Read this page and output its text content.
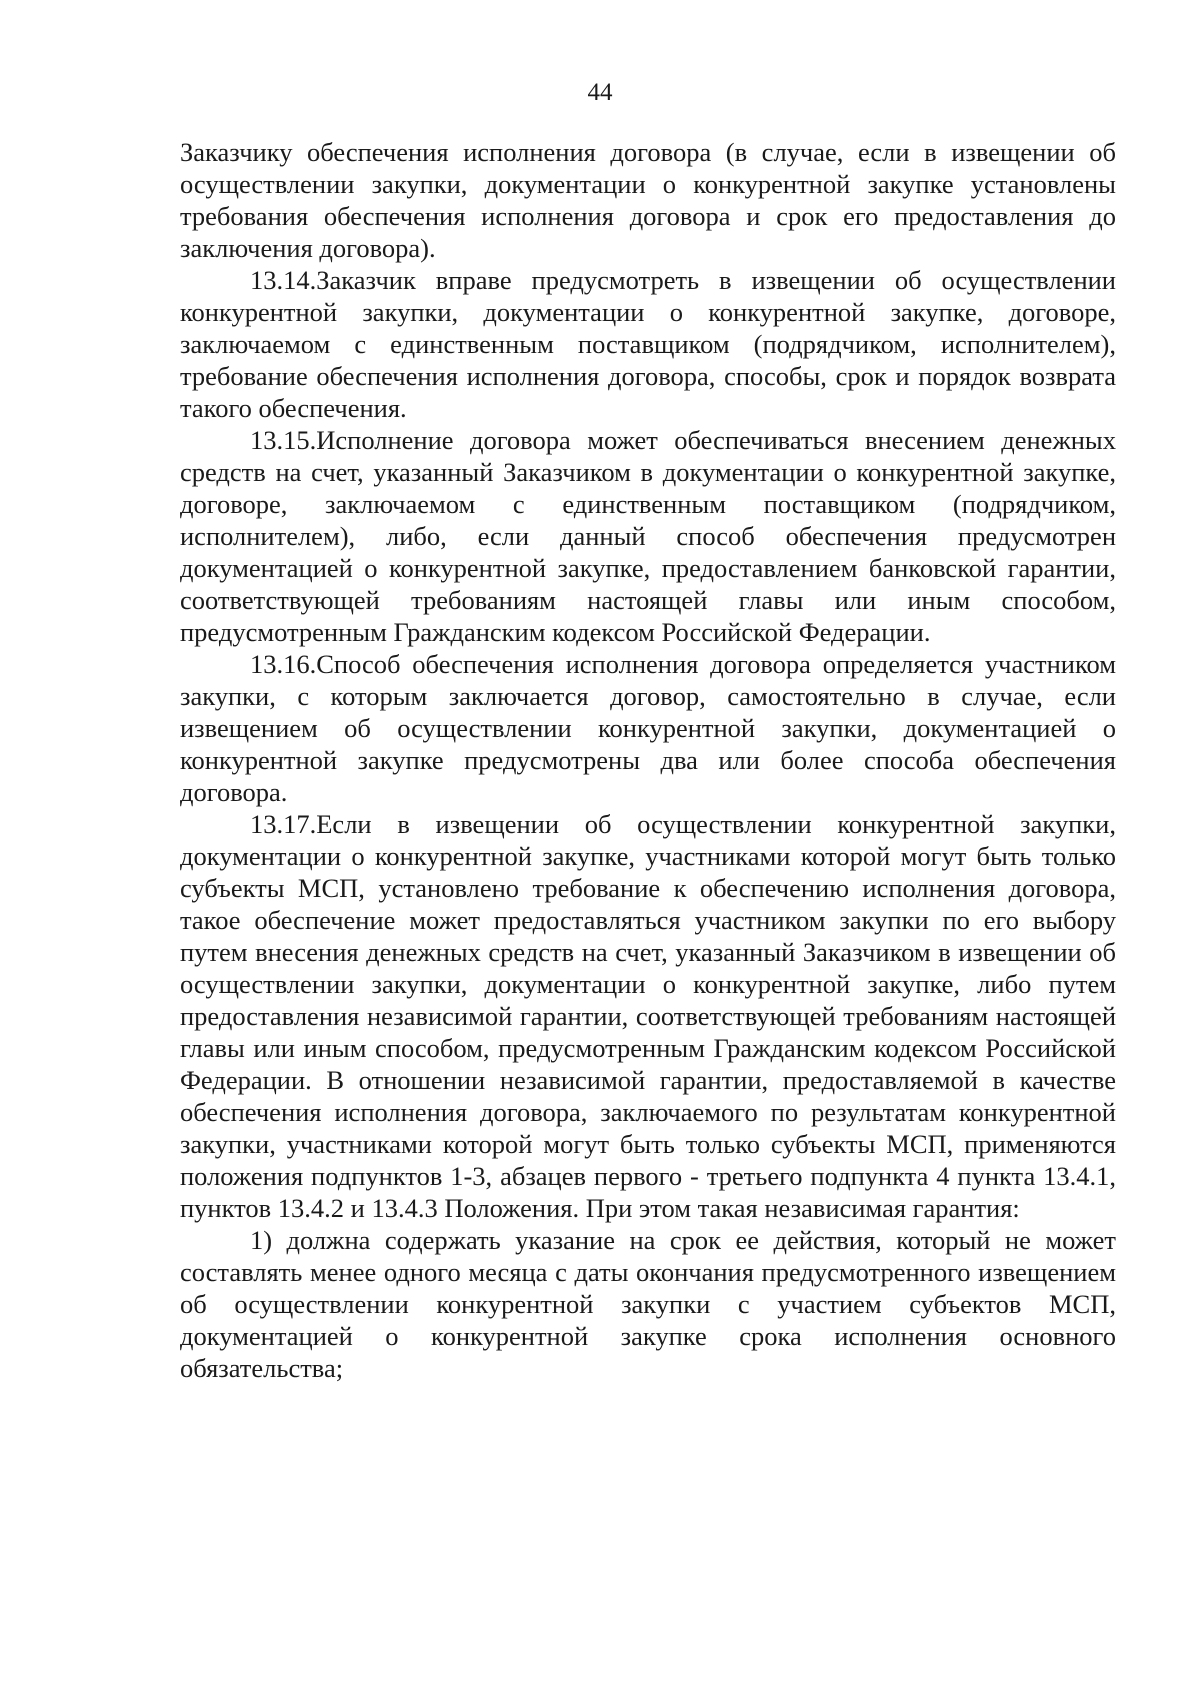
44

Заказчику обеспечения исполнения договора (в случае, если в извещении об осуществлении закупки, документации о конкурентной закупке установлены требования обеспечения исполнения договора и срок его предоставления до заключения договора).

13.14.Заказчик вправе предусмотреть в извещении об осуществлении конкурентной закупки, документации о конкурентной закупке, договоре, заключаемом с единственным поставщиком (подрядчиком, исполнителем), требование обеспечения исполнения договора, способы, срок и порядок возврата такого обеспечения.

13.15.Исполнение договора может обеспечиваться внесением денежных средств на счет, указанный Заказчиком в документации о конкурентной закупке, договоре, заключаемом с единственным поставщиком (подрядчиком, исполнителем), либо, если данный способ обеспечения предусмотрен документацией о конкурентной закупке, предоставлением банковской гарантии, соответствующей требованиям настоящей главы или иным способом, предусмотренным Гражданским кодексом Российской Федерации.

13.16.Способ обеспечения исполнения договора определяется участником закупки, с которым заключается договор, самостоятельно в случае, если извещением об осуществлении конкурентной закупки, документацией о конкурентной закупке предусмотрены два или более способа обеспечения договора.

13.17.Если в извещении об осуществлении конкурентной закупки, документации о конкурентной закупке, участниками которой могут быть только субъекты МСП, установлено требование к обеспечению исполнения договора, такое обеспечение может предоставляться участником закупки по его выбору путем внесения денежных средств на счет, указанный Заказчиком в извещении об осуществлении закупки, документации о конкурентной закупке, либо путем предоставления независимой гарантии, соответствующей требованиям настоящей главы или иным способом, предусмотренным Гражданским кодексом Российской Федерации. В отношении независимой гарантии, предоставляемой в качестве обеспечения исполнения договора, заключаемого по результатам конкурентной закупки, участниками которой могут быть только субъекты МСП, применяются положения подпунктов 1-3, абзацев первого - третьего подпункта 4 пункта 13.4.1, пунктов 13.4.2 и 13.4.3 Положения. При этом такая независимая гарантия:

1) должна содержать указание на срок ее действия, который не может составлять менее одного месяца с даты окончания предусмотренного извещением об осуществлении конкурентной закупки с участием субъектов МСП, документацией о конкурентной закупке срока исполнения основного обязательства;
